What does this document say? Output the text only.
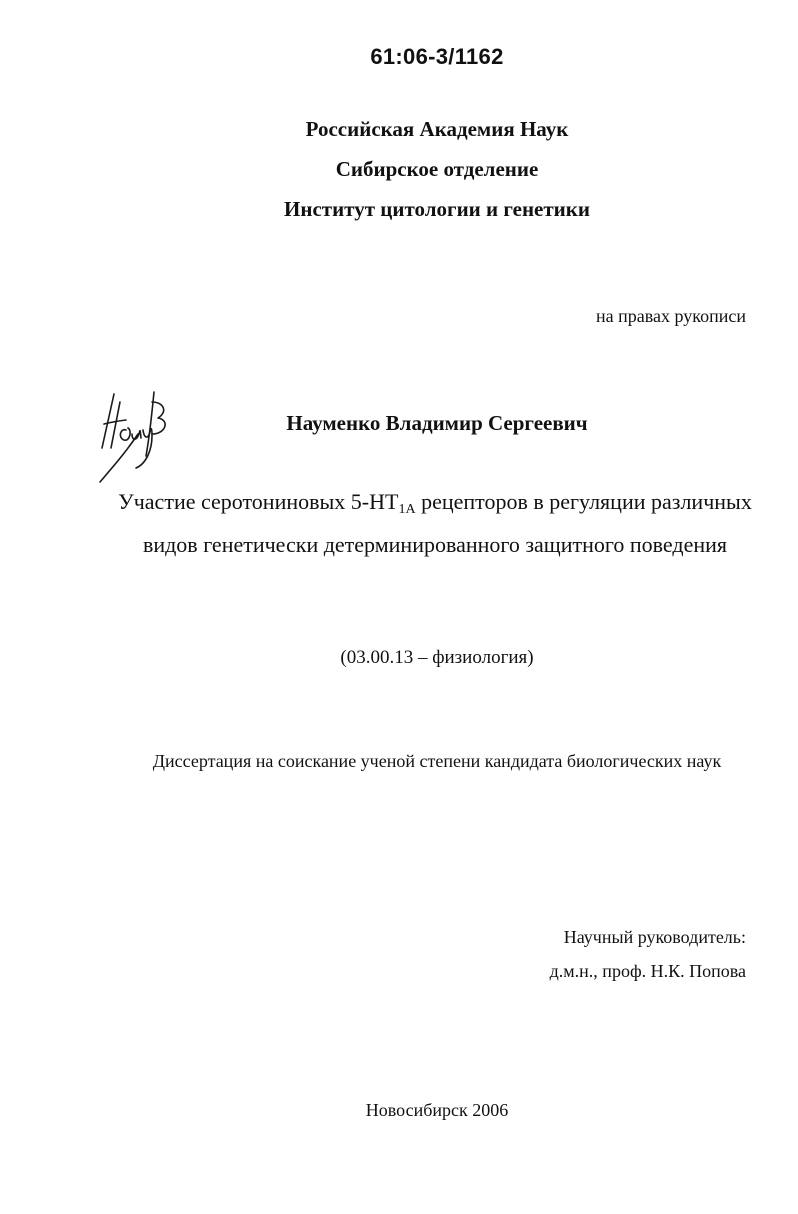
61:06-3/1162
Российская Академия Наук
Сибирское отделение
Институт цитологии и генетики
на правах рукописи
Науменко Владимир Сергеевич
Участие серотониновых $5-НТ_{1A}$ рецепторов в регуляции различных видов генетически детерминированного защитного поведения
(03.00.13 – физиология)
Диссертация на соискание ученой степени кандидата биологических наук
Научный руководитель:
д.м.н., проф. Н.К. Попова
Новосибирск 2006
